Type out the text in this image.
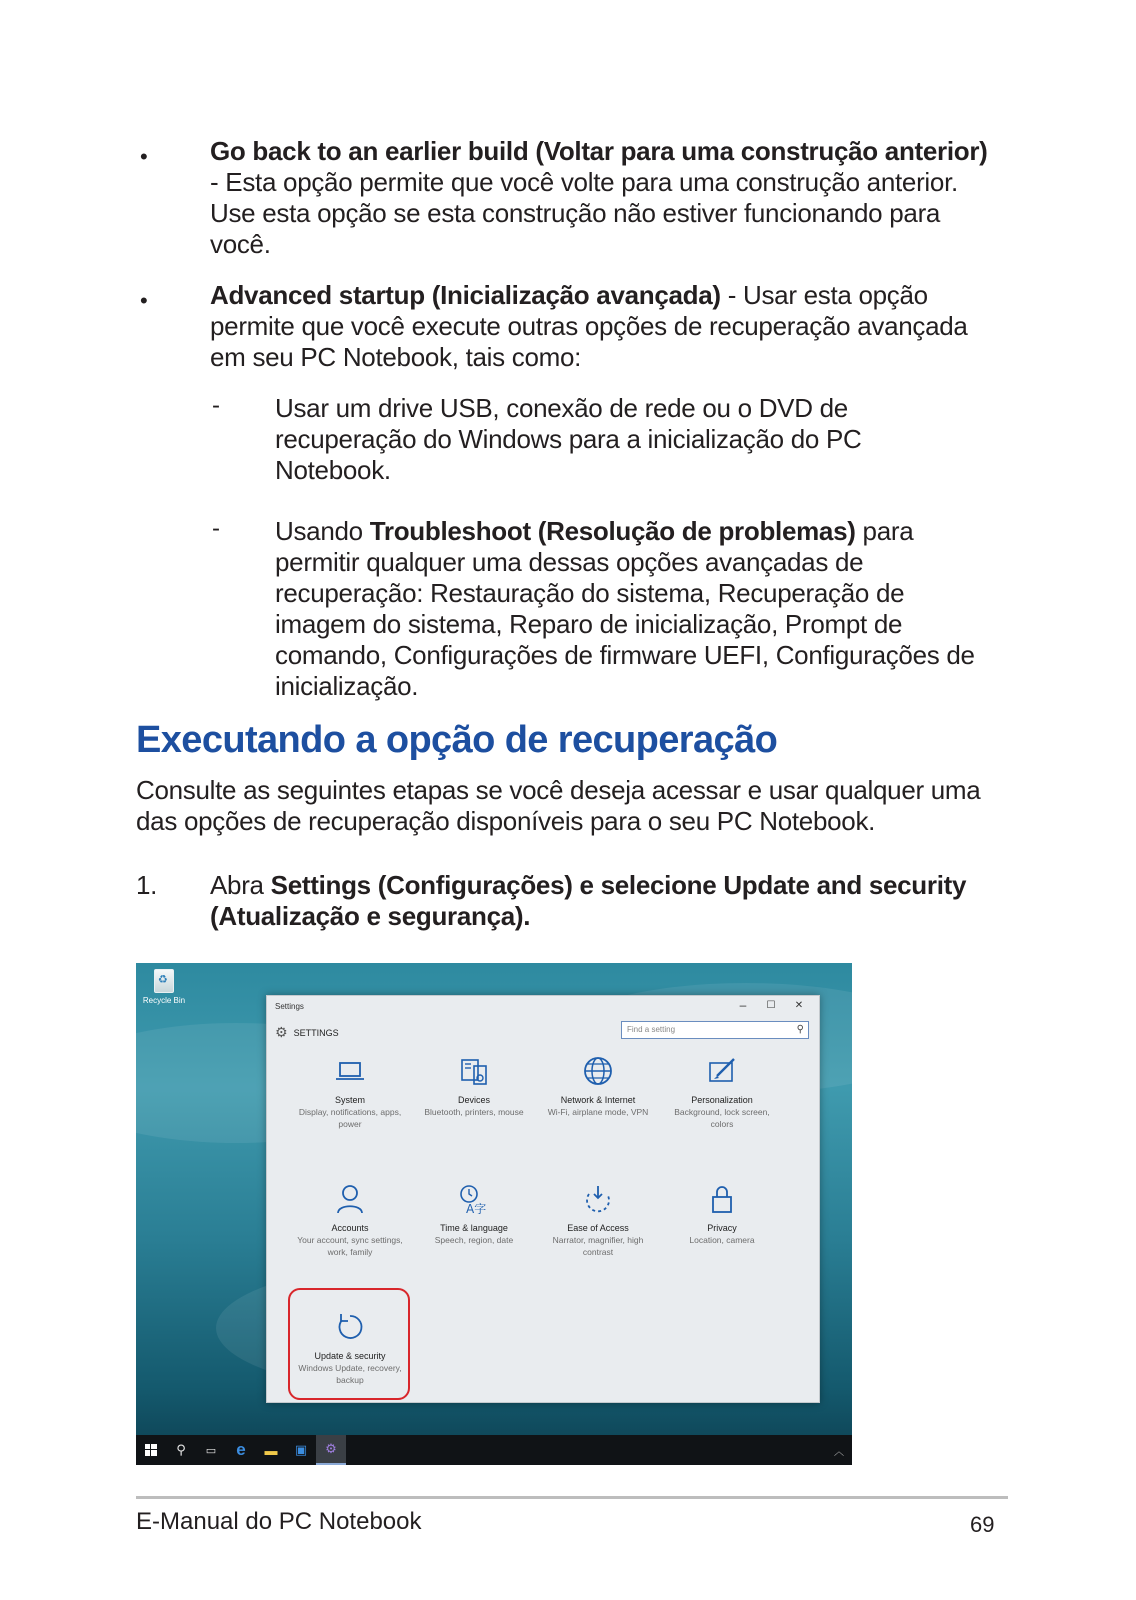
• Go back to an earlier build (Voltar para uma construção anterior) - Esta opção permite que você volte para uma construção anterior. Use esta opção se esta construção não estiver funcionando para você.
• Advanced startup (Inicialização avançada) - Usar esta opção permite que você execute outras opções de recuperação avançada em seu PC Notebook, tais como:
- Usar um drive USB, conexão de rede ou o DVD de recuperação do Windows para a inicialização do PC Notebook.
- Usando Troubleshoot (Resolução de problemas) para permitir qualquer uma dessas opções avançadas de recuperação: Restauração do sistema, Recuperação de imagem do sistema, Reparo de inicialização, Prompt de comando, Configurações de firmware UEFI, Configurações de inicialização.
Executando a opção de recuperação
Consulte as seguintes etapas se você deseja acessar e usar qualquer uma das opções de recuperação disponíveis para o seu PC Notebook.
1. Abra Settings (Configurações) e selecione Update and security (Atualização e segurança).
♻
Recycle Bin
Settings	–	☐	✕
⚙ SETTINGS	Find a setting	⚲
System
Display, notifications, apps, power
Devices
Bluetooth, printers, mouse
Network & Internet
Wi-Fi, airplane mode, VPN
Personalization
Background, lock screen, colors
Accounts
Your account, sync settings, work, family
A字
Time & language
Speech, region, date
Ease of Access
Narrator, magnifier, high contrast
Privacy
Location, camera
Update & security
Windows Update, recovery, backup
⚲ ▭ e ▬ ▣ ⚙	︿
E-Manual do PC Notebook	69
